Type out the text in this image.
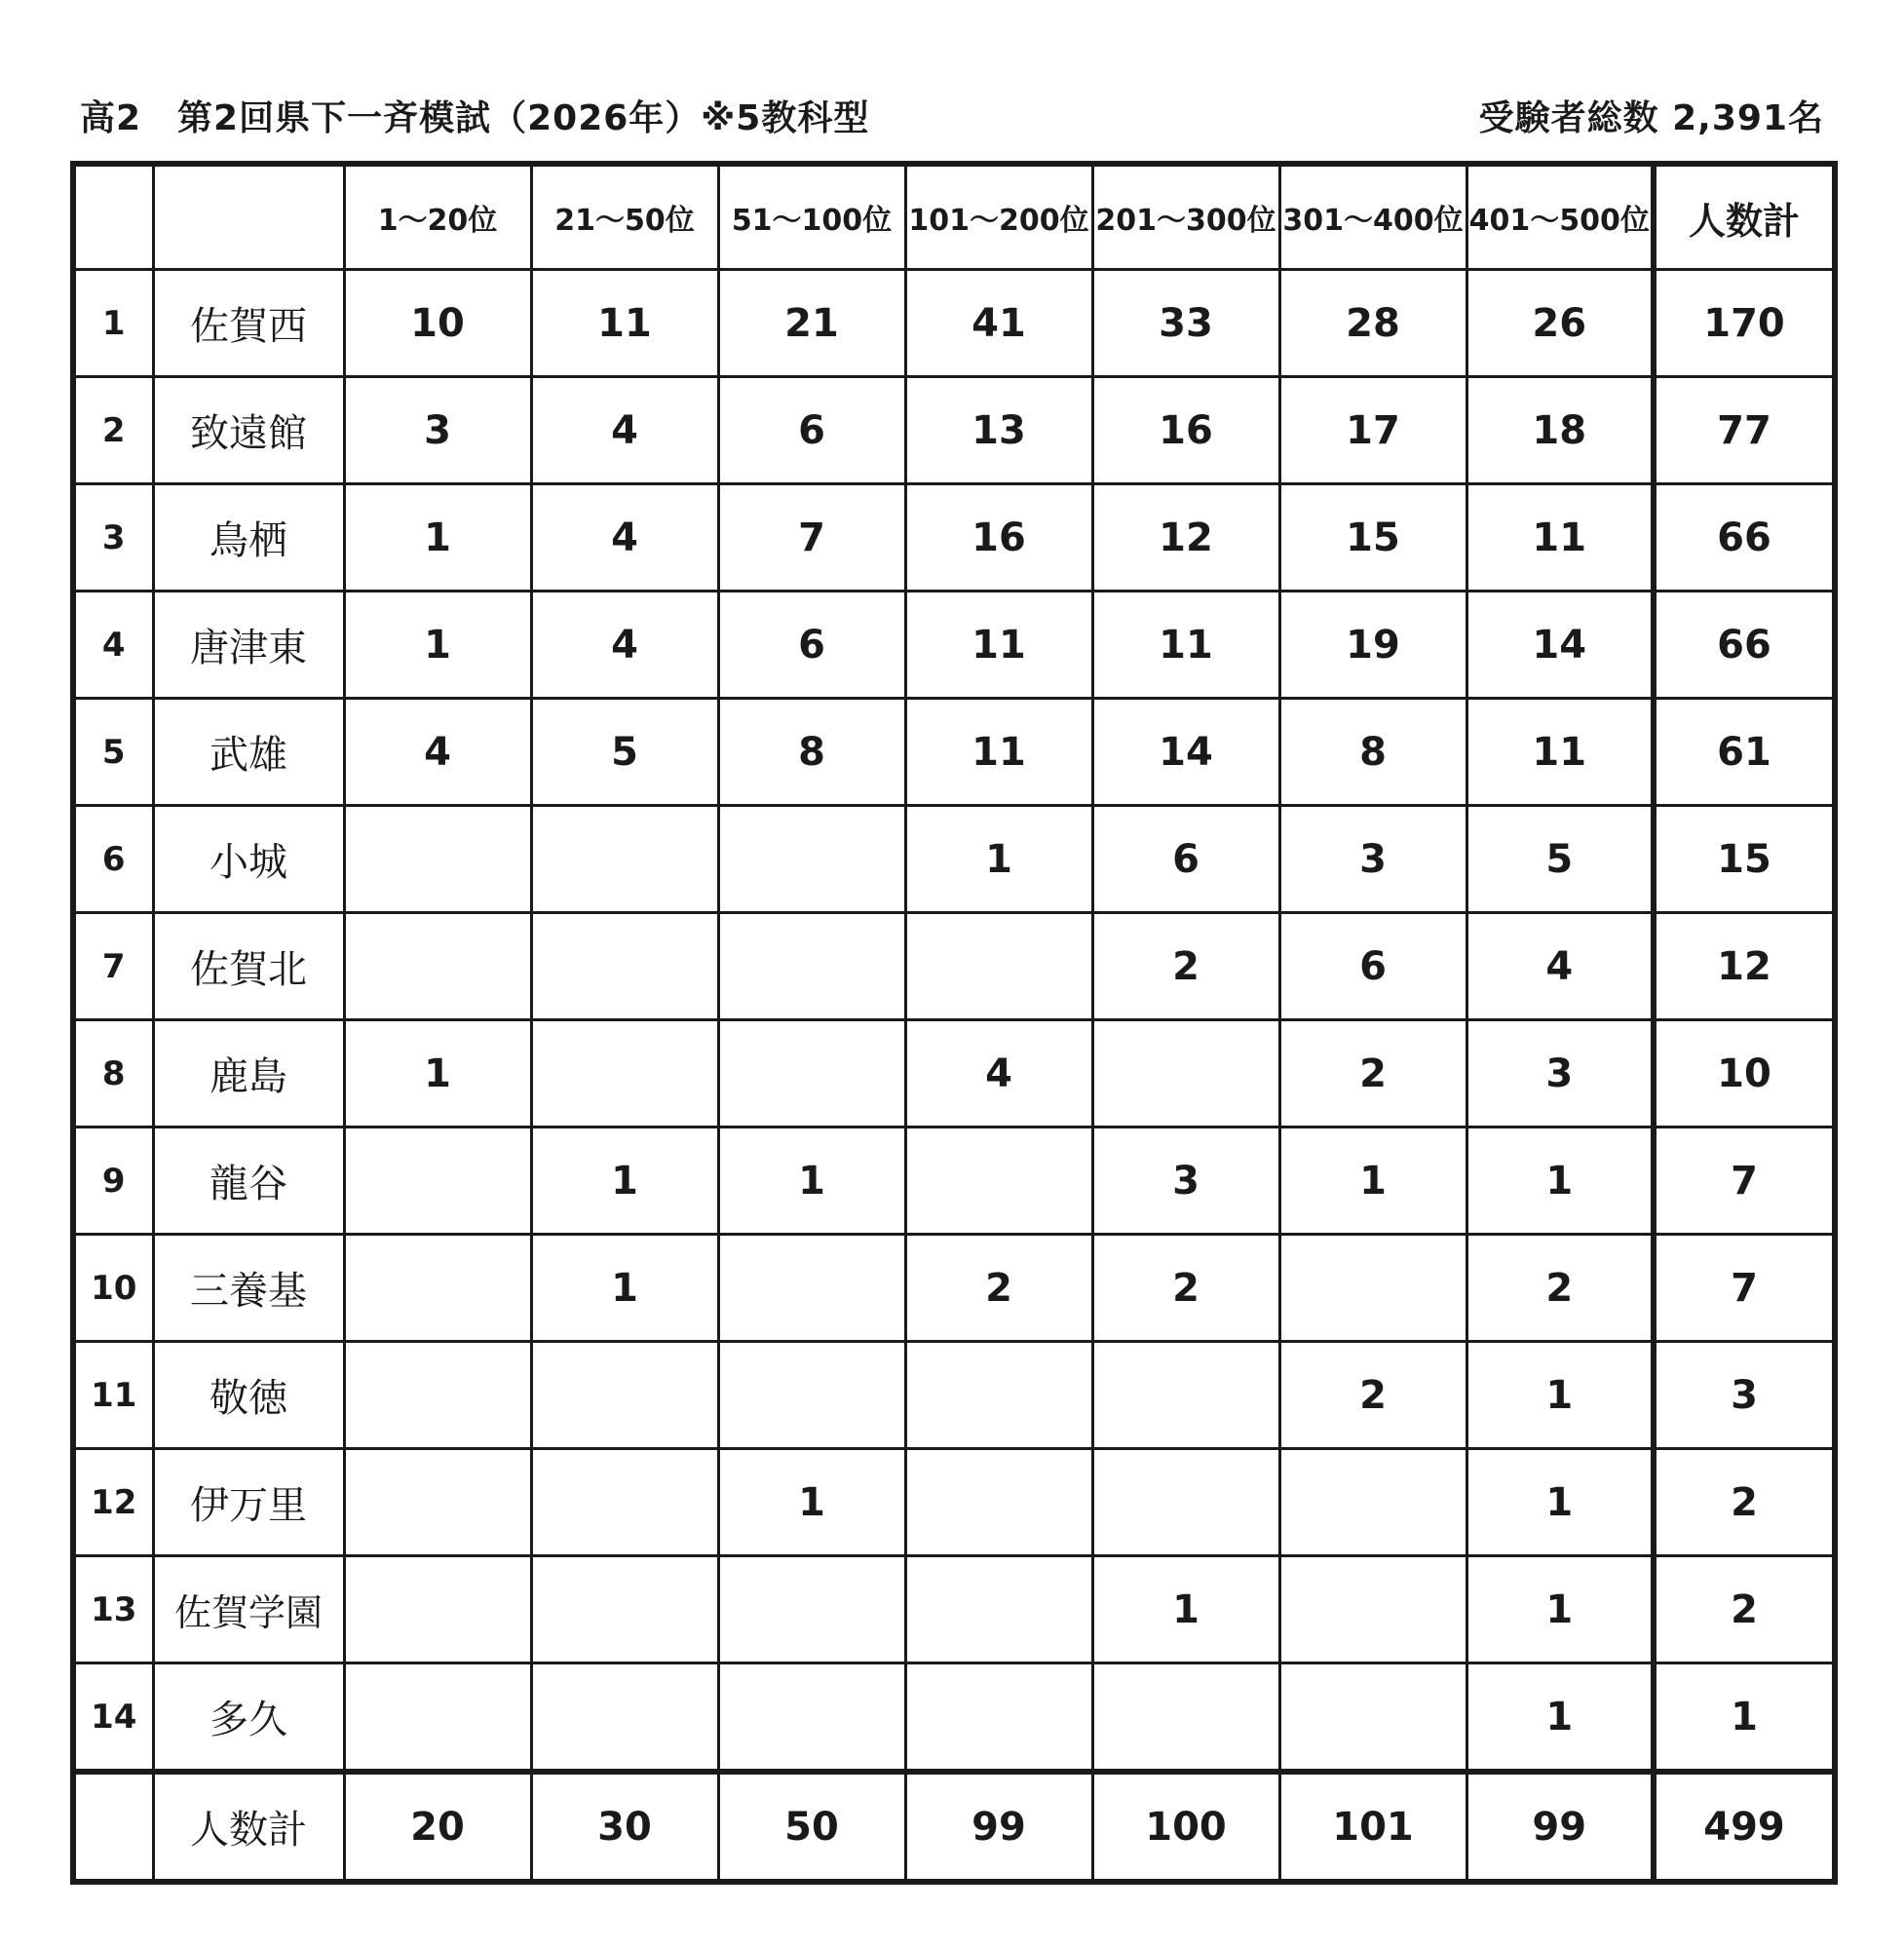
高2　第2回県下一斉模試（2026年）※5教科型	受験者総数 2,391名
		1～20位	21～50位	51～100位	101～200位	201～300位	301～400位	401～500位	人数計
1	佐賀西	10	11	21	41	33	28	26	170
2	致遠館	3	4	6	13	16	17	18	77
3	鳥栖	1	4	7	16	12	15	11	66
4	唐津東	1	4	6	11	11	19	14	66
5	武雄	4	5	8	11	14	8	11	61
6	小城				1	6	3	5	15
7	佐賀北					2	6	4	12
8	鹿島	1			4		2	3	10
9	龍谷		1	1		3	1	1	7
10	三養基		1		2	2		2	7
11	敬徳						2	1	3
12	伊万里			1				1	2
13	佐賀学園					1		1	2
14	多久							1	1
	人数計	20	30	50	99	100	101	99	499
